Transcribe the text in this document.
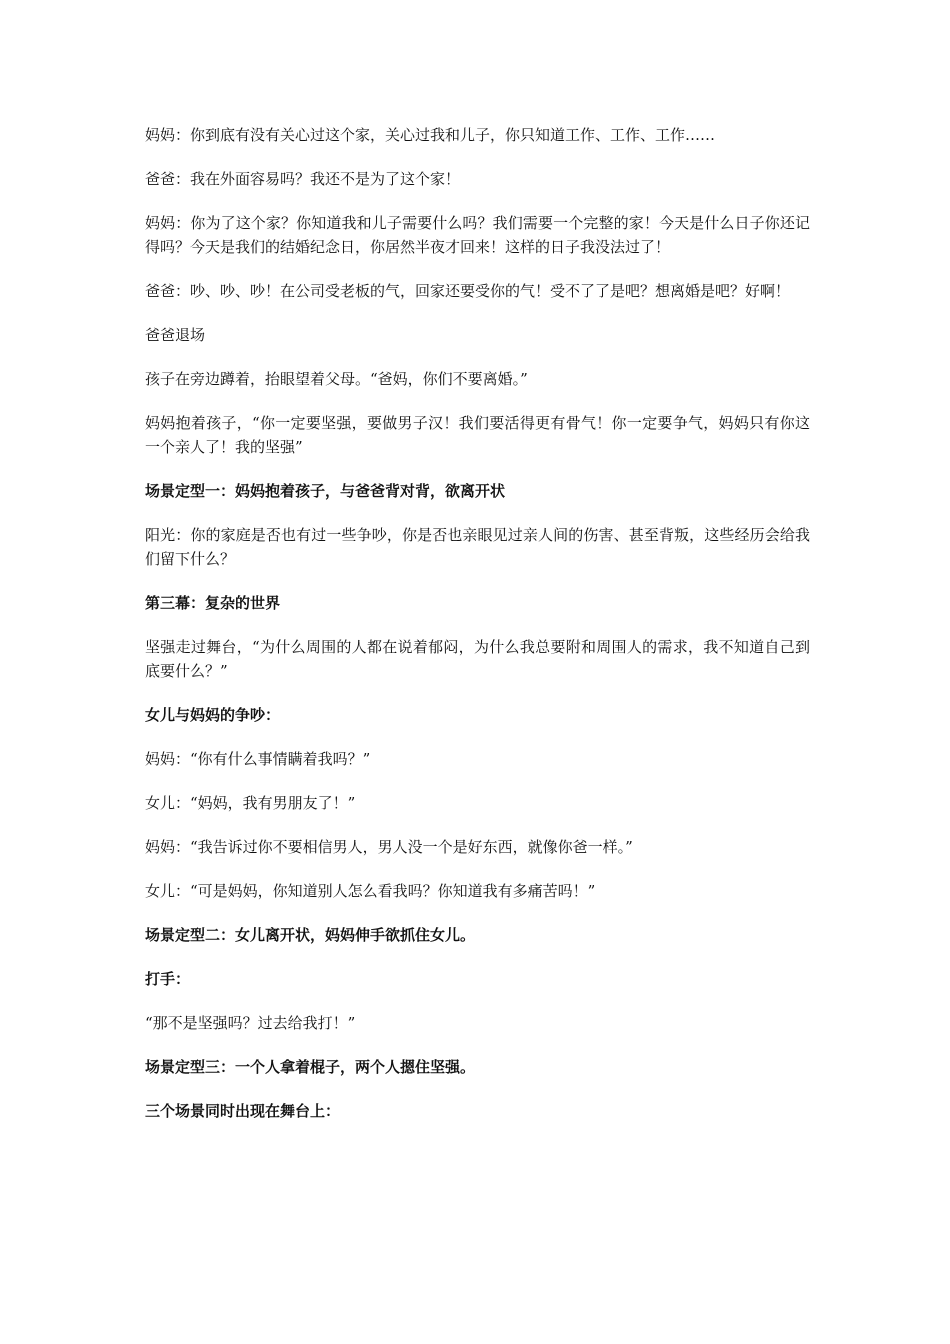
妈妈：你到底有没有关心过这个家，关心过我和儿子，你只知道工作、工作、工作……

爸爸：我在外面容易吗？我还不是为了这个家！

妈妈：你为了这个家？你知道我和儿子需要什么吗？我们需要一个完整的家！今天是什么日子你还记得吗？今天是我们的结婚纪念日，你居然半夜才回来！这样的日子我没法过了！

爸爸：吵、吵、吵！在公司受老板的气，回家还要受你的气！受不了了是吧？想离婚是吧？好啊！

爸爸退场

孩子在旁边蹲着，抬眼望着父母。“爸妈，你们不要离婚。”

妈妈抱着孩子，“你一定要坚强，要做男子汉！我们要活得更有骨气！你一定要争气，妈妈只有你这一个亲人了！我的坚强”

场景定型一：妈妈抱着孩子，与爸爸背对背，欲离开状

阳光：你的家庭是否也有过一些争吵，你是否也亲眼见过亲人间的伤害、甚至背叛，这些经历会给我们留下什么？

第三幕：复杂的世界

坚强走过舞台，“为什么周围的人都在说着郁闷，为什么我总要附和周围人的需求，我不知道自己到底要什么？”

女儿与妈妈的争吵：

妈妈：“你有什么事情瞒着我吗？”

女儿：“妈妈，我有男朋友了！”

妈妈：“我告诉过你不要相信男人，男人没一个是好东西，就像你爸一样。”

女儿：“可是妈妈，你知道别人怎么看我吗？你知道我有多痛苦吗！”

场景定型二：女儿离开状，妈妈伸手欲抓住女儿。

打手：

“那不是坚强吗？过去给我打！”

场景定型三：一个人拿着棍子，两个人摁住坚强。

三个场景同时出现在舞台上：
